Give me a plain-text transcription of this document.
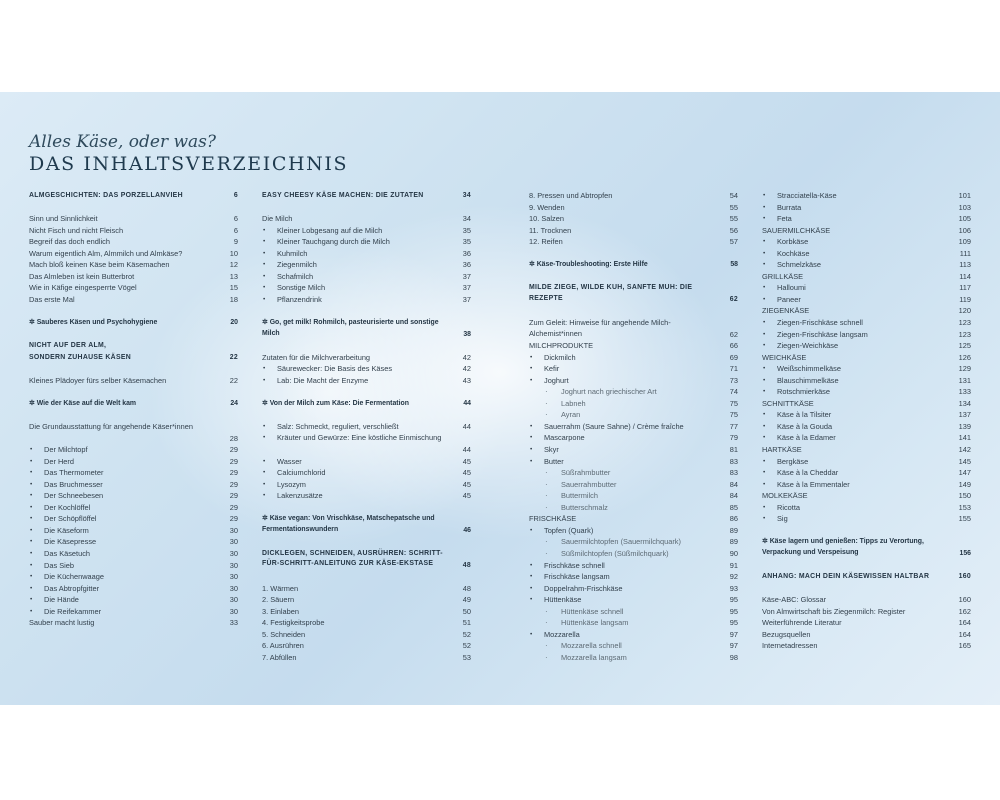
Alles Käse, oder was?
DAS INHALTSVERZEICHNIS
ALMGESCHICHTEN: DAS PORZELLANVIEH	6
Sinn und Sinnlichkeit	6
Nicht Fisch und nicht Fleisch	6
Begreif das doch endlich	9
Warum eigentlich Alm, Almmilch und Almkäse?	10
Mach bloß keinen Käse beim Käsemachen	12
Das Almleben ist kein Butterbrot	13
Wie in Käfige eingesperrte Vögel	15
Das erste Mal	18
✲ Sauberes Käsen und Psychohygiene	20
NICHT AUF DER ALM,
SONDERN ZUHAUSE KÄSEN	22
Kleines Plädoyer fürs selber Käsemachen	22
✲ Wie der Käse auf die Welt kam	24
Die Grundausstattung für angehende Käser*innen
28
• Der Milchtopf	29
• Der Herd	29
• Das Thermometer	29
• Das Bruchmesser	29
• Der Schneebesen	29
• Der Kochlöffel	29
• Der Schöpflöffel	29
• Die Käseform	30
• Die Käsepresse	30
• Das Käsetuch	30
• Das Sieb	30
• Die Küchenwaage	30
• Das Abtropfgitter	30
• Die Hände	30
• Die Reifekammer	30
Sauber macht lustig	33
EASY CHEESY KÄSE MACHEN: DIE ZUTATEN	34
Die Milch	34
• Kleiner Lobgesang auf die Milch	35
• Kleiner Tauchgang durch die Milch	35
• Kuhmilch	36
• Ziegenmilch	36
• Schafmilch	37
• Sonstige Milch	37
• Pflanzendrink	37
✲ Go, get milk! Rohmilch, pasteurisierte und sonstige Milch	38
Zutaten für die Milchverarbeitung	42
• Säurewecker: Die Basis des Käses	42
• Lab: Die Macht der Enzyme	43
✲ Von der Milch zum Käse: Die Fermentation	44
• Salz: Schmeckt, reguliert, verschließt	44
• Kräuter und Gewürze: Eine köstliche Einmischung
44
• Wasser	45
• Calciumchlorid	45
• Lysozym	45
• Lakenzusätze	45
✲ Käse vegan: Von Vrischkäse, Matschepatsche und Fermentationswundern	46
DICKLEGEN, SCHNEIDEN, AUSRÜHREN: SCHRITT-FÜR-SCHRITT-ANLEITUNG ZUR KÄSE-EKSTASE	48
1. Wärmen	48
2. Säuern	49
3. Einlaben	50
4. Festigkeitsprobe	51
5. Schneiden	52
6. Ausrühren	52
7. Abfüllen	53
8. Pressen und Abtropfen	54
9. Wenden	55
10. Salzen	55
11. Trocknen	56
12. Reifen	57
✲ Käse-Troubleshooting: Erste Hilfe	58
MILDE ZIEGE, WILDE KUH, SANFTE MUH: DIE REZEPTE	62
Zum Geleit: Hinweise für angehende Milch-Alchemist*innen	62
MILCHPRODUKTE	66
• Dickmilch	69
• Kefir	71
• Joghurt	73
· Joghurt nach griechischer Art	74
· Labneh	75
· Ayran	75
• Sauerrahm (Saure Sahne) / Crème fraîche	77
• Mascarpone	79
• Skyr	81
• Butter	83
· Süßrahmbutter	83
· Sauerrahmbutter	84
· Buttermilch	84
· Butterschmalz	85
FRISCHKÄSE	86
• Topfen (Quark)	89
· Sauermilchtopfen (Sauermilchquark)	89
· Süßmilchtopfen (Süßmilchquark)	90
• Frischkäse schnell	91
• Frischkäse langsam	92
• Doppelrahm-Frischkäse	93
• Hüttenkäse	95
· Hüttenkäse schnell	95
· Hüttenkäse langsam	95
• Mozzarella	97
· Mozzarella schnell	97
· Mozzarella langsam	98
• Stracciatella-Käse	101
• Burrata	103
• Feta	105
SAUERMILCHKÄSE	106
• Korbkäse	109
• Kochkäse	111
• Schmelzkäse	113
GRILLKÄSE	114
• Halloumi	117
• Paneer	119
ZIEGENKÄSE	120
• Ziegen-Frischkäse schnell	123
• Ziegen-Frischkäse langsam	123
• Ziegen-Weichkäse	125
WEICHKÄSE	126
• Weißschimmelkäse	129
• Blauschimmelkäse	131
• Rotschmierkäse	133
SCHNITTKÄSE	134
• Käse à la Tilsiter	137
• Käse à la Gouda	139
• Käse à la Edamer	141
HARTKÄSE	142
• Bergkäse	145
• Käse à la Cheddar	147
• Käse à la Emmentaler	149
MOLKEKÄSE	150
• Ricotta	153
• Sig	155
✲ Käse lagern und genießen: Tipps zu Verortung, Verpackung und Verspeisung	156
ANHANG: MACH DEIN KÄSEWISSEN HALTBAR	160
Käse-ABC: Glossar	160
Von Almwirtschaft bis Ziegenmilch: Register	162
Weiterführende Literatur	164
Bezugsquellen	164
Internetadressen	165
